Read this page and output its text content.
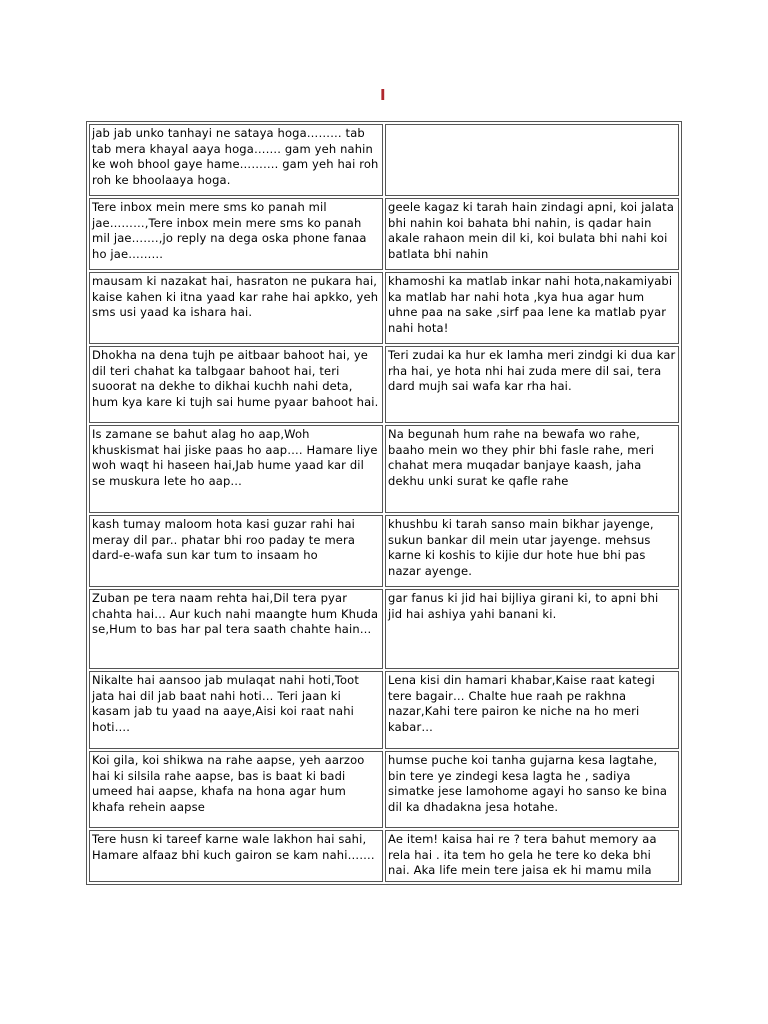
I
jab jab unko tanhayi ne sataya hoga……… tab tab mera khayal aaya hoga……. gam yeh nahin ke woh bhool gaye hame………. gam yeh hai roh roh ke bhoolaaya hoga.	
Tere inbox mein mere sms ko panah mil jae………,Tere inbox mein mere sms ko panah mil jae…….,jo reply na dega oska phone fanaa ho jae………	geele kagaz ki tarah hain zindagi apni, koi jalata bhi nahin koi bahata bhi nahin, is qadar hain akale rahaon mein dil ki, koi bulata bhi nahi koi batlata bhi nahin
mausam ki nazakat hai, hasraton ne pukara hai, kaise kahen ki itna yaad kar rahe hai apkko, yeh sms usi yaad ka ishara hai.	khamoshi ka matlab inkar nahi hota,nakamiyabi ka matlab har nahi hota ,kya hua agar hum uhne paa na sake ,sirf paa lene ka matlab pyar nahi hota!
Dhokha na dena tujh pe aitbaar bahoot hai, ye dil teri chahat ka talbgaar bahoot hai, teri suoorat na dekhe to dikhai kuchh nahi deta, hum kya kare ki tujh sai hume pyaar bahoot hai.	Teri zudai ka hur ek lamha meri zindgi ki dua kar rha hai, ye hota nhi hai zuda mere dil sai, tera dard mujh sai wafa kar rha hai.
Is zamane se bahut alag ho aap,Woh khuskismat hai jiske paas ho aap…. Hamare liye woh waqt hi haseen hai,Jab hume yaad kar dil se muskura lete ho aap…	Na begunah hum rahe na bewafa wo rahe, baaho mein wo they phir bhi fasle rahe, meri chahat mera muqadar banjaye kaash, jaha dekhu unki surat ke qafle rahe
kash tumay maloom hota kasi guzar rahi hai meray dil par.. phatar bhi roo paday te mera dard-e-wafa sun kar tum to insaam ho	khushbu ki tarah sanso main bikhar jayenge, sukun bankar dil mein utar jayenge. mehsus karne ki koshis to kijie dur hote hue bhi pas nazar ayenge.
Zuban pe tera naam rehta hai,Dil tera pyar chahta hai… Aur kuch nahi maangte hum Khuda se,Hum to bas har pal tera saath chahte hain…	gar fanus ki jid hai bijliya girani ki, to apni bhi jid hai ashiya yahi banani ki.
Nikalte hai aansoo jab mulaqat nahi hoti,Toot jata hai dil jab baat nahi hoti… Teri jaan ki kasam jab tu yaad na aaye,Aisi koi raat nahi hoti….	Lena kisi din hamari khabar,Kaise raat kategi tere bagair… Chalte hue raah pe rakhna nazar,Kahi tere pairon ke niche na ho meri kabar…
Koi gila, koi shikwa na rahe aapse, yeh aarzoo hai ki silsila rahe aapse, bas is baat ki badi umeed hai aapse, khafa na hona agar hum khafa rehein aapse	humse puche koi tanha gujarna kesa lagtahe, bin tere ye zindegi kesa lagta he , sadiya simatke jese lamohome agayi ho sanso ke bina dil ka dhadakna jesa hotahe.
Tere husn ki tareef karne wale lakhon hai sahi, Hamare alfaaz bhi kuch gairon se kam nahi…….	Ae item! kaisa hai re ? tera bahut memory aa rela hai . ita tem ho gela he tere ko deka bhi nai. Aka life mein tere jaisa ek hi mamu mila
